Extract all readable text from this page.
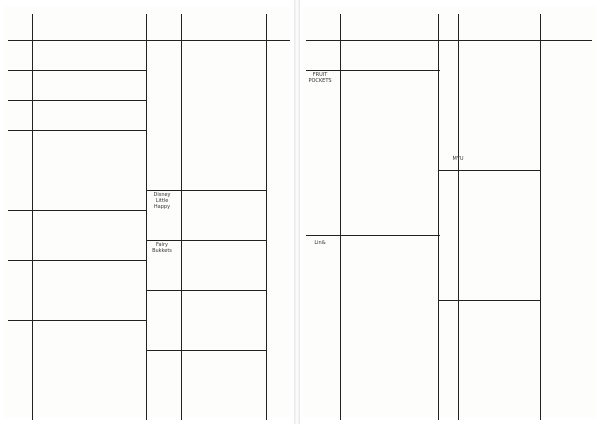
Disney Little Happy
Fairy Bukkets
FRUIT POCKETS
Lin&
MYU
